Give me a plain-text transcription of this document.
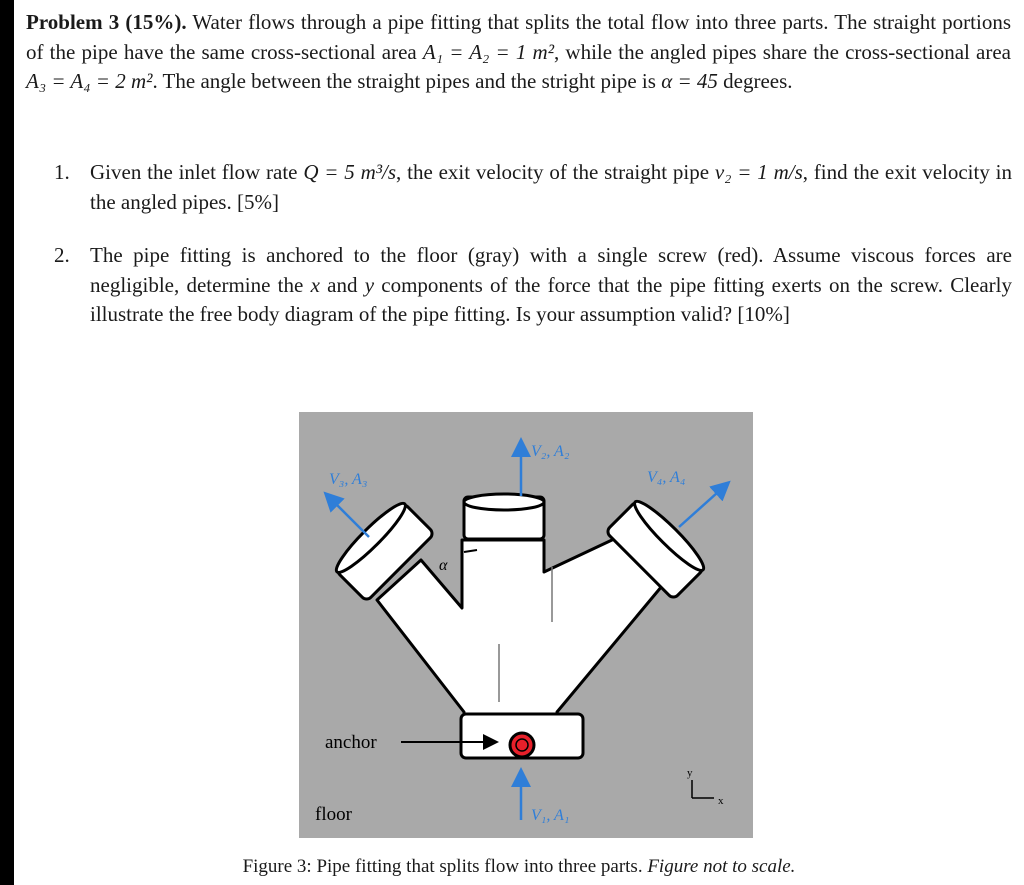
Problem 3 (15%). Water flows through a pipe fitting that splits the total flow into three parts. The straight portions of the pipe have the same cross-sectional area A₁ = A₂ = 1 m², while the angled pipes share the cross-sectional area A₃ = A₄ = 2 m². The angle between the straight pipes and the stright pipe is α = 45 degrees.
1. Given the inlet flow rate Q = 5 m³/s, the exit velocity of the straight pipe v₂ = 1 m/s, find the exit velocity in the angled pipes. [5%]
2. The pipe fitting is anchored to the floor (gray) with a single screw (red). Assume viscous forces are negligible, determine the x and y components of the force that the pipe fitting exerts on the screw. Clearly illustrate the free body diagram of the pipe fitting. Is your assumption valid? [10%]
α
V₂, A₂
V₃, A₃	V₄, A₄
V₁, A₁
anchor
floor
y
x
Figure 3: Pipe fitting that splits flow into three parts. Figure not to scale.
